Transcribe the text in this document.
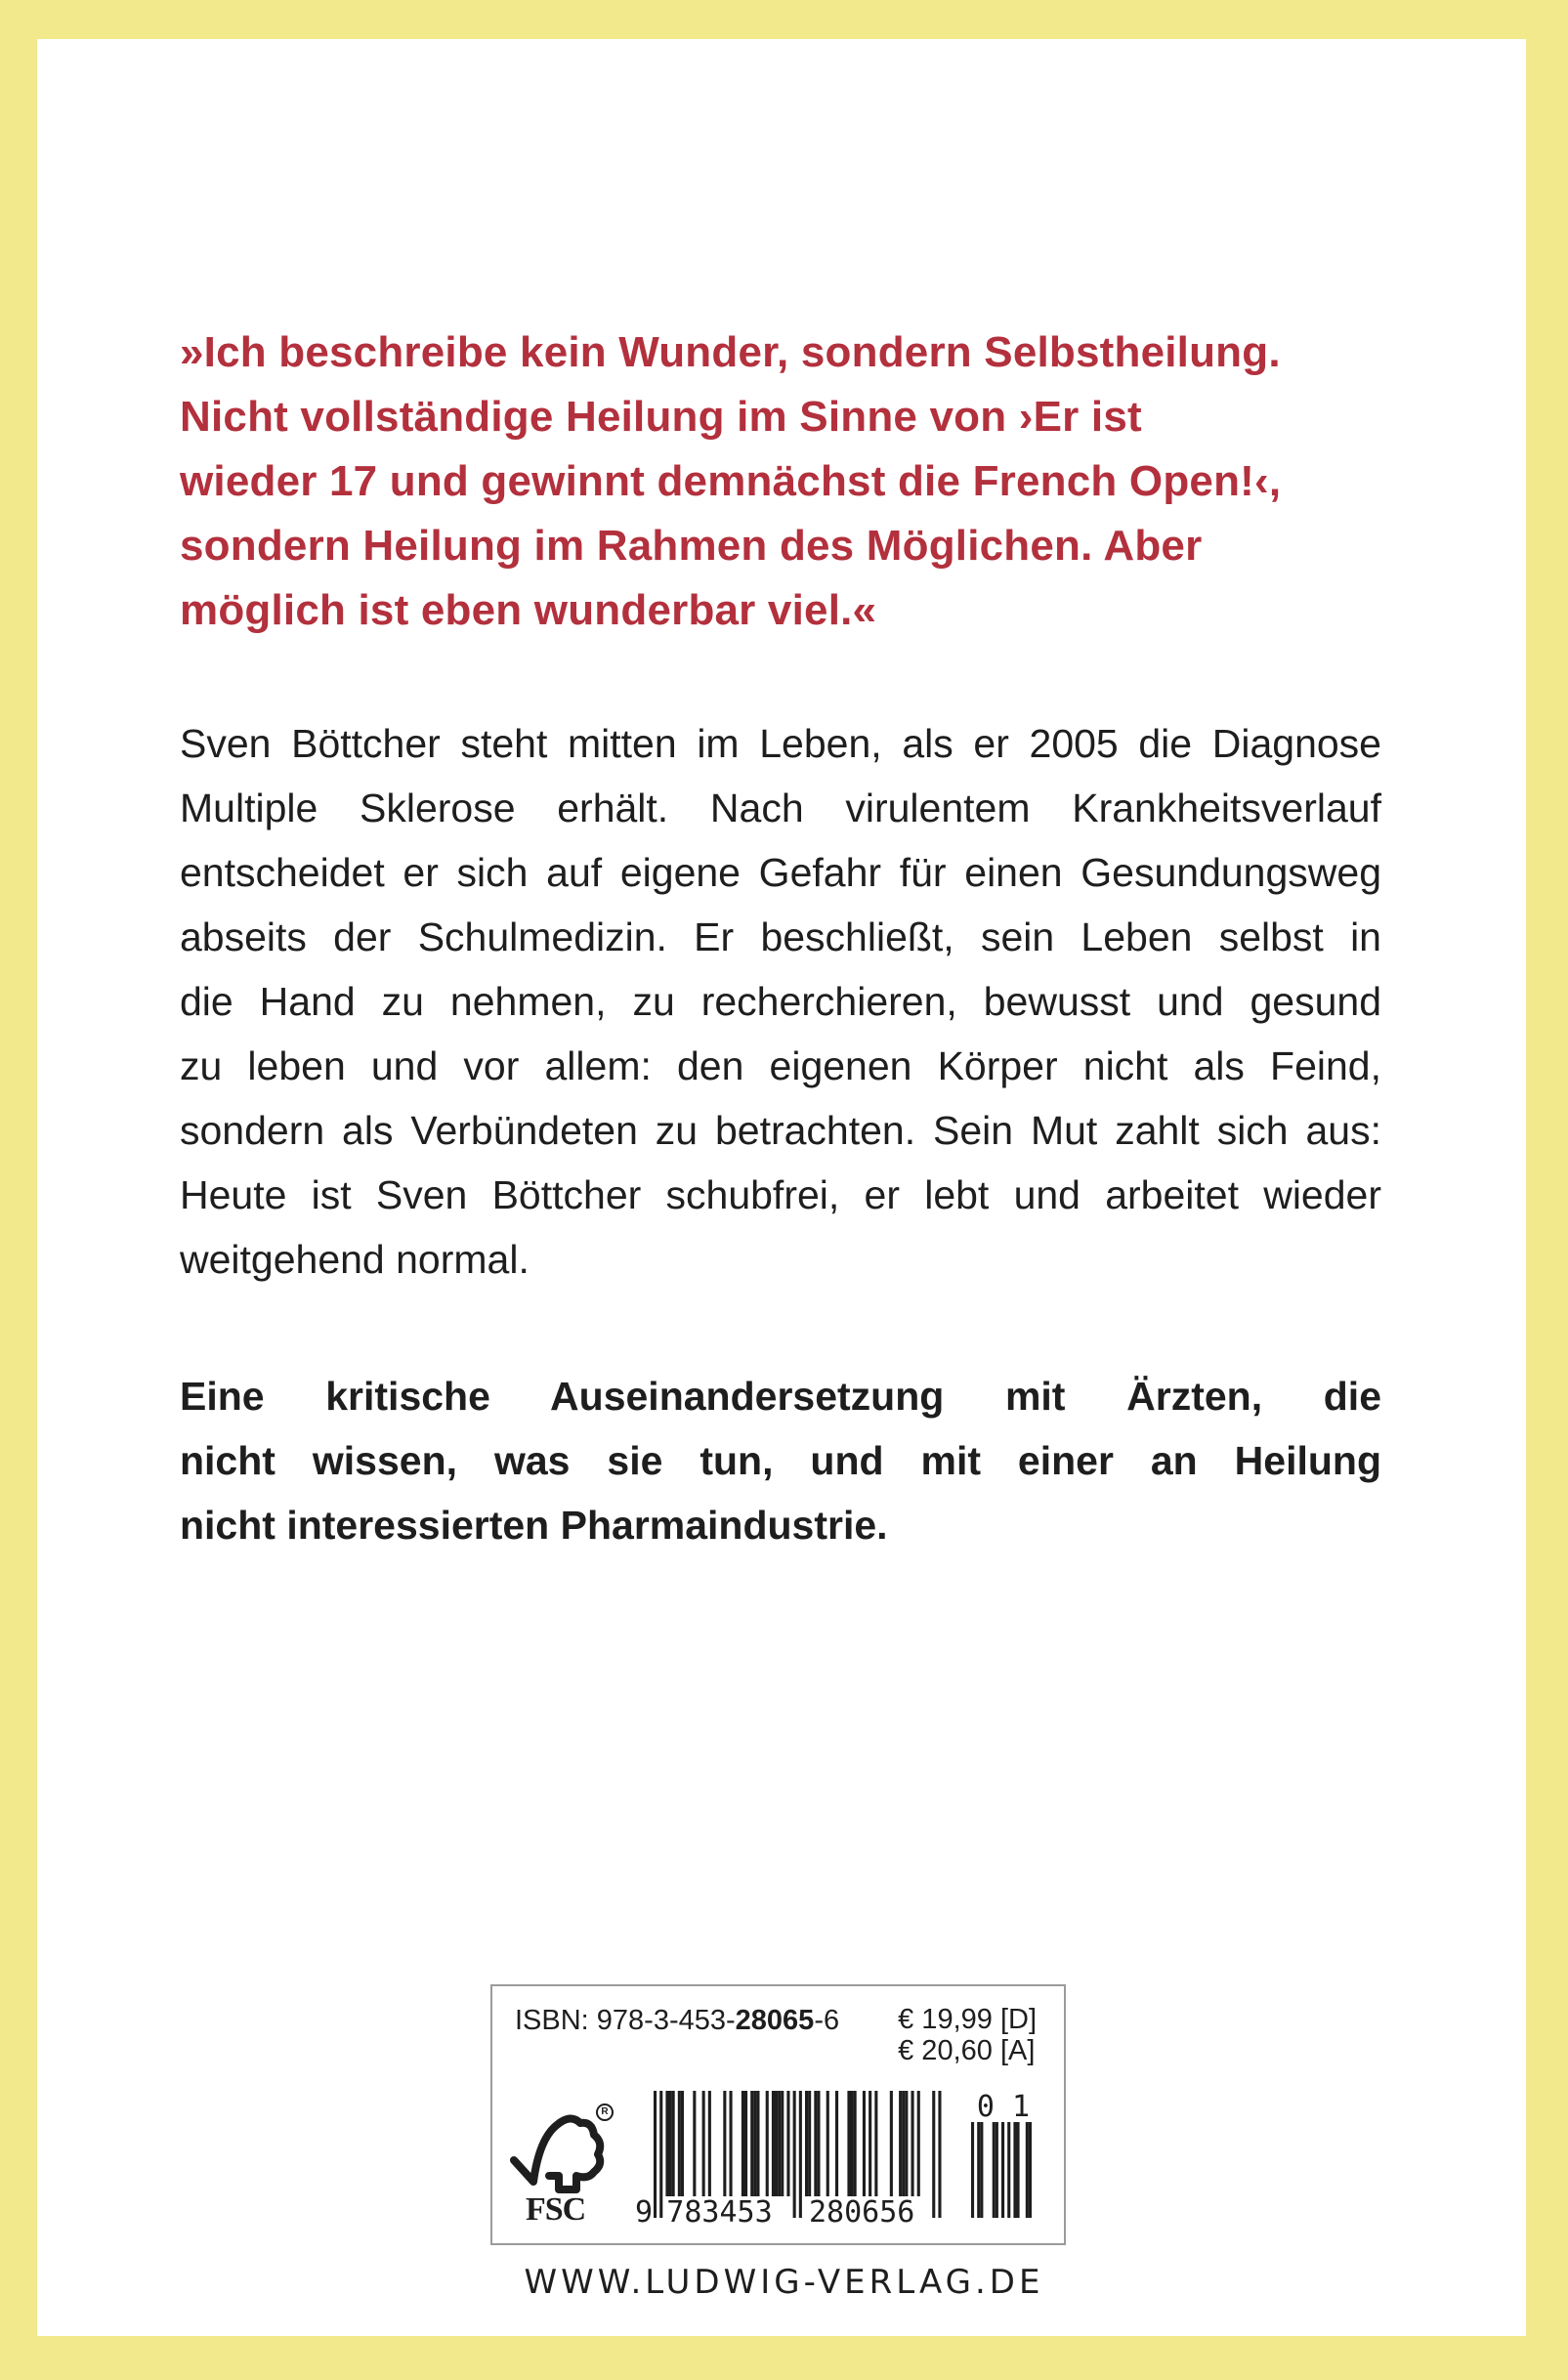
»Ich beschreibe kein Wunder, sondern Selbstheilung.
Nicht vollständige Heilung im Sinne von ›Er ist
wieder 17 und gewinnt demnächst die French Open!‹,
sondern Heilung im Rahmen des Möglichen. Aber
möglich ist eben wunderbar viel.«
Sven Böttcher steht mitten im Leben, als er 2005 die Diagnose
Multiple Sklerose erhält. Nach virulentem Krankheitsverlauf
entscheidet er sich auf eigene Gefahr für einen Gesundungsweg
abseits der Schulmedizin. Er beschließt, sein Leben selbst in
die Hand zu nehmen, zu recherchieren, bewusst und gesund
zu leben und vor allem: den eigenen Körper nicht als Feind,
sondern als Verbündeten zu betrachten. Sein Mut zahlt sich aus:
Heute ist Sven Böttcher schubfrei, er lebt und arbeitet wieder
weitgehend normal.
Eine kritische Auseinandersetzung mit Ärzten, die
nicht wissen, was sie tun, und mit einer an Heilung
nicht interessierten Pharmaindustrie.
ISBN: 978-3-453-28065-6 € 19,99 [D]
€ 20,60 [A]
R
FSC 9 783453 280656
0 1
WWW.LUDWIG-VERLAG.DE
